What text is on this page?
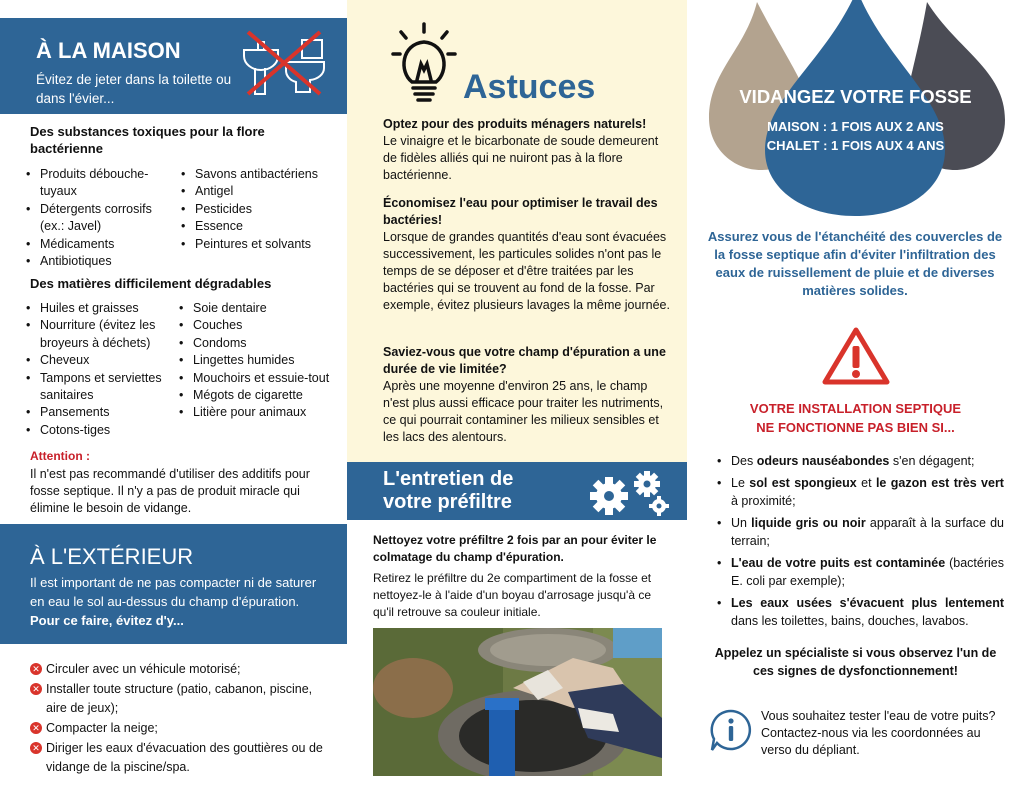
À LA MAISON
Évitez de jeter dans la toilette ou dans l'évier...
Des substances toxiques pour la flore bactérienne
• Produits débouche-tuyaux
• Détergents corrosifs (ex.: Javel)
• Médicaments
• Antibiotiques
• Savons antibactériens
• Antigel
• Pesticides
• Essence
• Peintures et solvants
Des matières difficilement dégradables
• Huiles et graisses
• Nourriture (évitez les broyeurs à déchets)
• Cheveux
• Tampons et serviettes sanitaires
• Pansements
• Cotons-tiges
• Soie dentaire
• Couches
• Condoms
• Lingettes humides
• Mouchoirs et essuie-tout
• Mégots de cigarette
• Litière pour animaux
Attention :
Il n'est pas recommandé d'utiliser des additifs pour fosse septique. Il n'y a pas de produit miracle qui élimine le besoin de vidange.
À L'EXTÉRIEUR
Il est important de ne pas compacter ni de saturer en eau le sol au-dessus du champ d'épuration. Pour ce faire, évitez d'y...
✕ Circuler avec un véhicule motorisé;
✕ Installer toute structure (patio, cabanon, piscine, aire de jeux);
✕ Compacter la neige;
✕ Diriger les eaux d'évacuation des gouttières ou de vidange de la piscine/spa.
Astuces
Optez pour des produits ménagers naturels!
Le vinaigre et le bicarbonate de soude demeurent de fidèles alliés qui ne nuiront pas à la flore bactérienne.
Économisez l'eau pour optimiser le travail des bactéries!
Lorsque de grandes quantités d'eau sont évacuées successivement, les particules solides n'ont pas le temps de se déposer et d'être traitées par les bactéries qui se trouvent au fond de la fosse. Par exemple, évitez plusieurs lavages la même journée.
Saviez-vous que votre champ d'épuration a une durée de vie limitée?
Après une moyenne d'environ 25 ans, le champ n'est plus aussi efficace pour traiter les nutriments, ce qui pourrait contaminer les milieux sensibles et les lacs des alentours.
L'entretien de
votre préfiltre
Nettoyez votre préfiltre 2 fois par an pour éviter le colmatage du champ d'épuration.
Retirez le préfiltre du 2e compartiment de la fosse et nettoyez-le à l'aide d'un boyau d'arrosage jusqu'à ce qu'il retrouve sa couleur initiale.
VIDANGEZ VOTRE FOSSE
MAISON : 1 FOIS AUX 2 ANS
CHALET : 1 FOIS AUX 4 ANS
Assurez vous de l'étanchéité des couvercles de la fosse septique afin d'éviter l'infiltration des eaux de ruissellement de pluie et de diverses matières solides.
VOTRE INSTALLATION SEPTIQUE
NE FONCTIONNE PAS BIEN SI...
• Des odeurs nauséabondes s'en dégagent;
• Le sol est spongieux et le gazon est très vert à proximité;
• Un liquide gris ou noir apparaît à la surface du terrain;
• L'eau de votre puits est contaminée (bactéries E. coli par exemple);
• Les eaux usées s'évacuent plus lentement dans les toilettes, bains, douches, lavabos.
Appelez un spécialiste si vous observez l'un de ces signes de dysfonctionnement!
Vous souhaitez tester l'eau de votre puits? Contactez-nous via les coordonnées au verso du dépliant.
